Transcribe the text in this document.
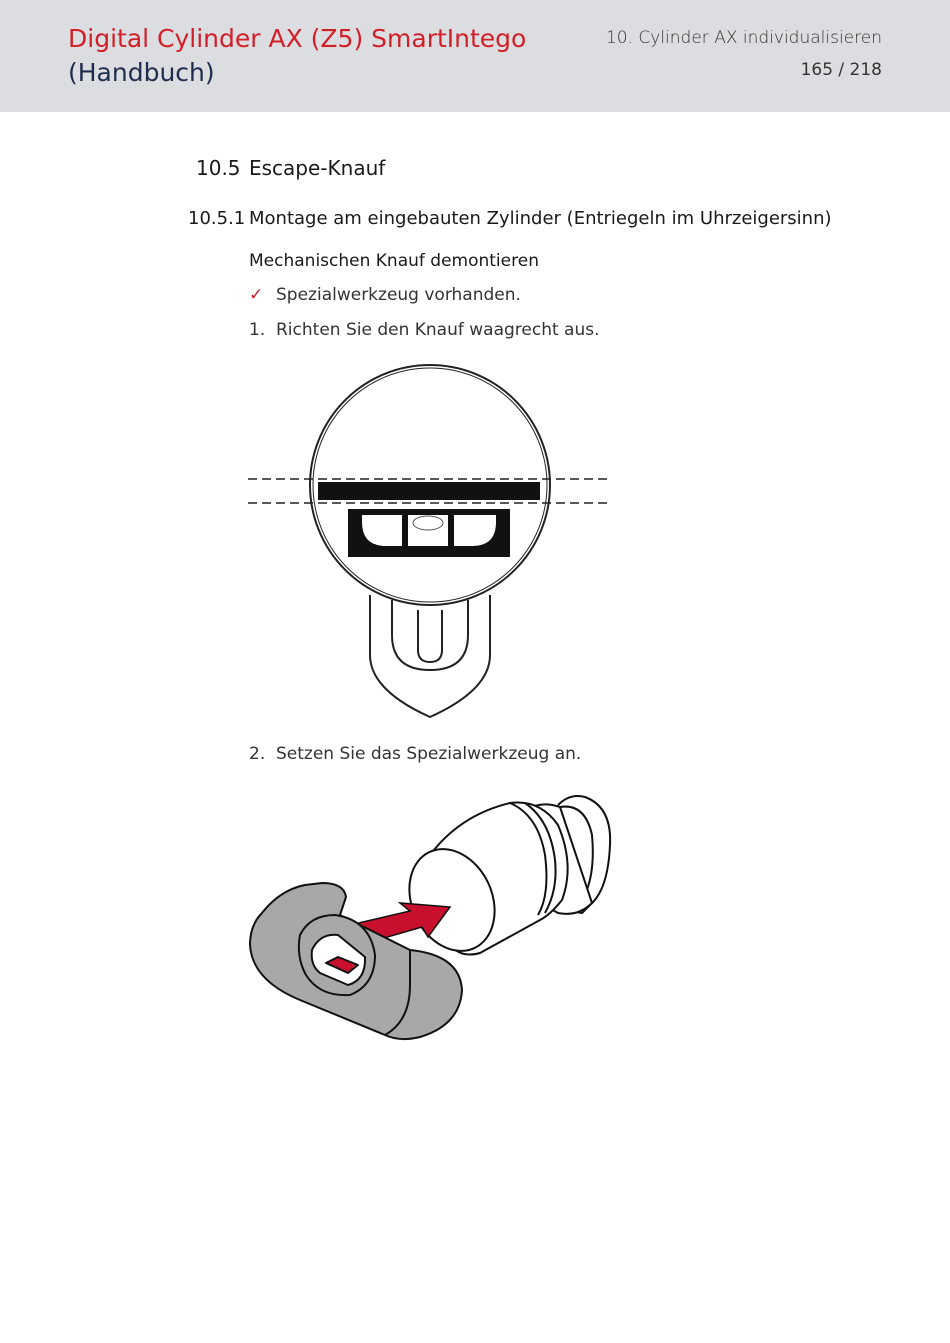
Digital Cylinder AX (Z5) SmartIntego
(Handbuch)
10. Cylinder AX individualisieren
165 / 218
10.5 Escape-Knauf
10.5.1 Montage am eingebauten Zylinder (Entriegeln im Uhrzeigersinn)
Mechanischen Knauf demontieren
✓ Spezialwerkzeug vorhanden.
1. Richten Sie den Knauf waagrecht aus.
2. Setzen Sie das Spezialwerkzeug an.
